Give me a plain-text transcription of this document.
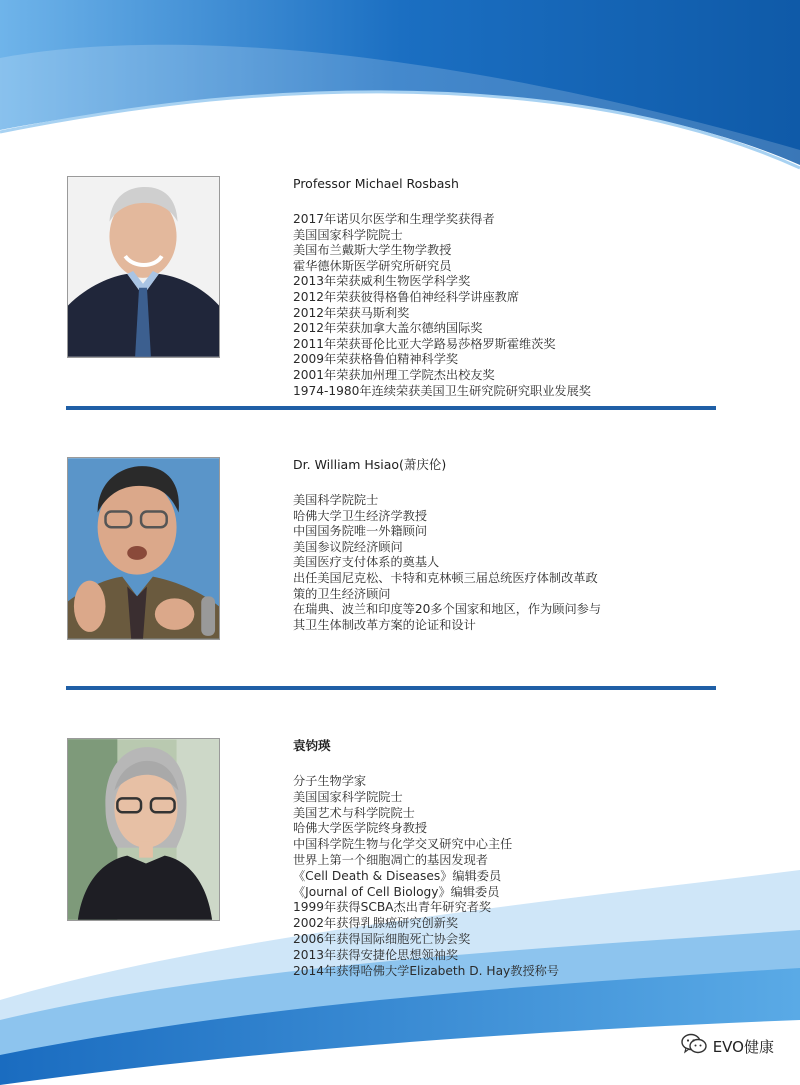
Professor Michael Rosbash

2017年诺贝尔医学和生理学奖获得者
美国国家科学院院士
美国布兰戴斯大学生物学教授
霍华德休斯医学研究所研究员
2013年荣获威利生物医学科学奖
2012年荣获彼得格鲁伯神经科学讲座教席
2012年荣获马斯利奖
2012年荣获加拿大盖尔德纳国际奖
2011年荣获哥伦比亚大学路易莎格罗斯霍维茨奖
2009年荣获格鲁伯精神科学奖
2001年荣获加州理工学院杰出校友奖
1974-1980年连续荣获美国卫生研究院研究职业发展奖

Dr. William Hsiao(萧庆伦)

美国科学院院士
哈佛大学卫生经济学教授
中国国务院唯一外籍顾问
美国参议院经济顾问
美国医疗支付体系的奠基人
出任美国尼克松、卡特和克林顿三届总统医疗体制改革政
策的卫生经济顾问
在瑞典、波兰和印度等20多个国家和地区，作为顾问参与
其卫生体制改革方案的论证和设计

袁钧瑛

分子生物学家
美国国家科学院院士
美国艺术与科学院院士
哈佛大学医学院终身教授
中国科学院生物与化学交叉研究中心主任
世界上第一个细胞凋亡的基因发现者
《Cell Death & Diseases》编辑委员
《Journal of Cell Biology》编辑委员
1999年获得SCBA杰出青年研究者奖
2002年获得乳腺癌研究创新奖
2006年获得国际细胞死亡协会奖
2013年获得安捷伦思想领袖奖
2014年获得哈佛大学Elizabeth D. Hay教授称号
EVO健康
